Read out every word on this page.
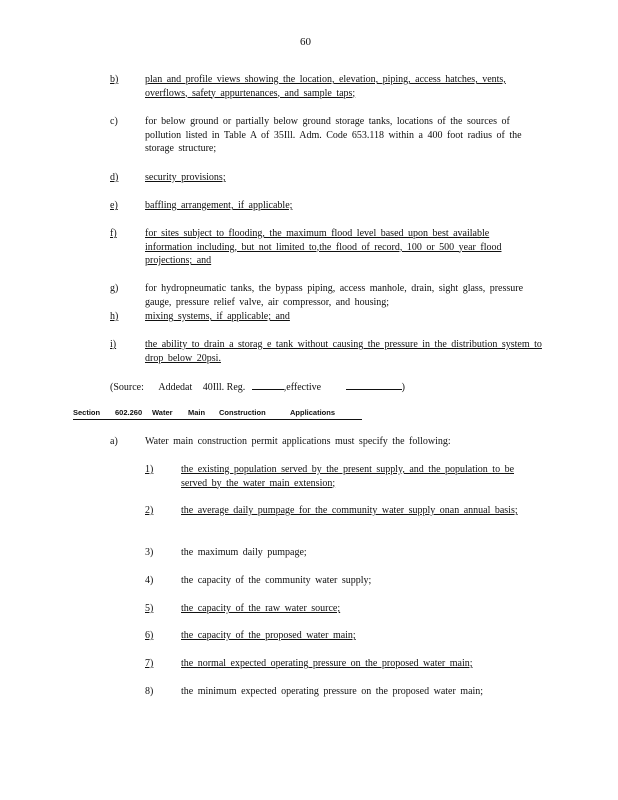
60
b)	plan and profile views showing the location, elevation, piping, access hatches, vents, overflows, safety appurtenances, and sample taps;
c)	for below ground or partially below ground storage tanks, locations of the sources of pollution listed in Table A of 35Ill. Adm. Code 653.118 within a 400 foot radius of the storage structure;
d)	security provisions;
e)	baffling arrangement, if applicable;
f)	for sites subject to flooding, the maximum flood level based upon best available information including, but not limited to,the flood of record, 100 or 500 year flood projections; and
g)	for hydropneumatic tanks, the bypass piping, access manhole, drain, sight glass, pressure gauge, pressure relief valve, air compressor, and housing;
h)	mixing systems, if applicable; and
i)	the ability to drain a storag e tank without causing the pressure in the distribution system to drop below 20psi.
(Source: Addedat 40Ill. Reg.	,effective	)
Section 602.260 Water Main Construction	Applications
a)	Water main construction permit applications must specify the following:
1)	the existing population served by the present supply, and the population to be served by the water main extension;
2)	the average daily pumpage for the community water supply onan annual basis;
3)	the maximum daily pumpage;
4)	the capacity of the community water supply;
5)	the capacity of the raw water source;
6)	the capacity of the proposed water main;
7)	the normal expected operating pressure on the proposed water main;
8)	the minimum expected operating pressure on the proposed water main;
